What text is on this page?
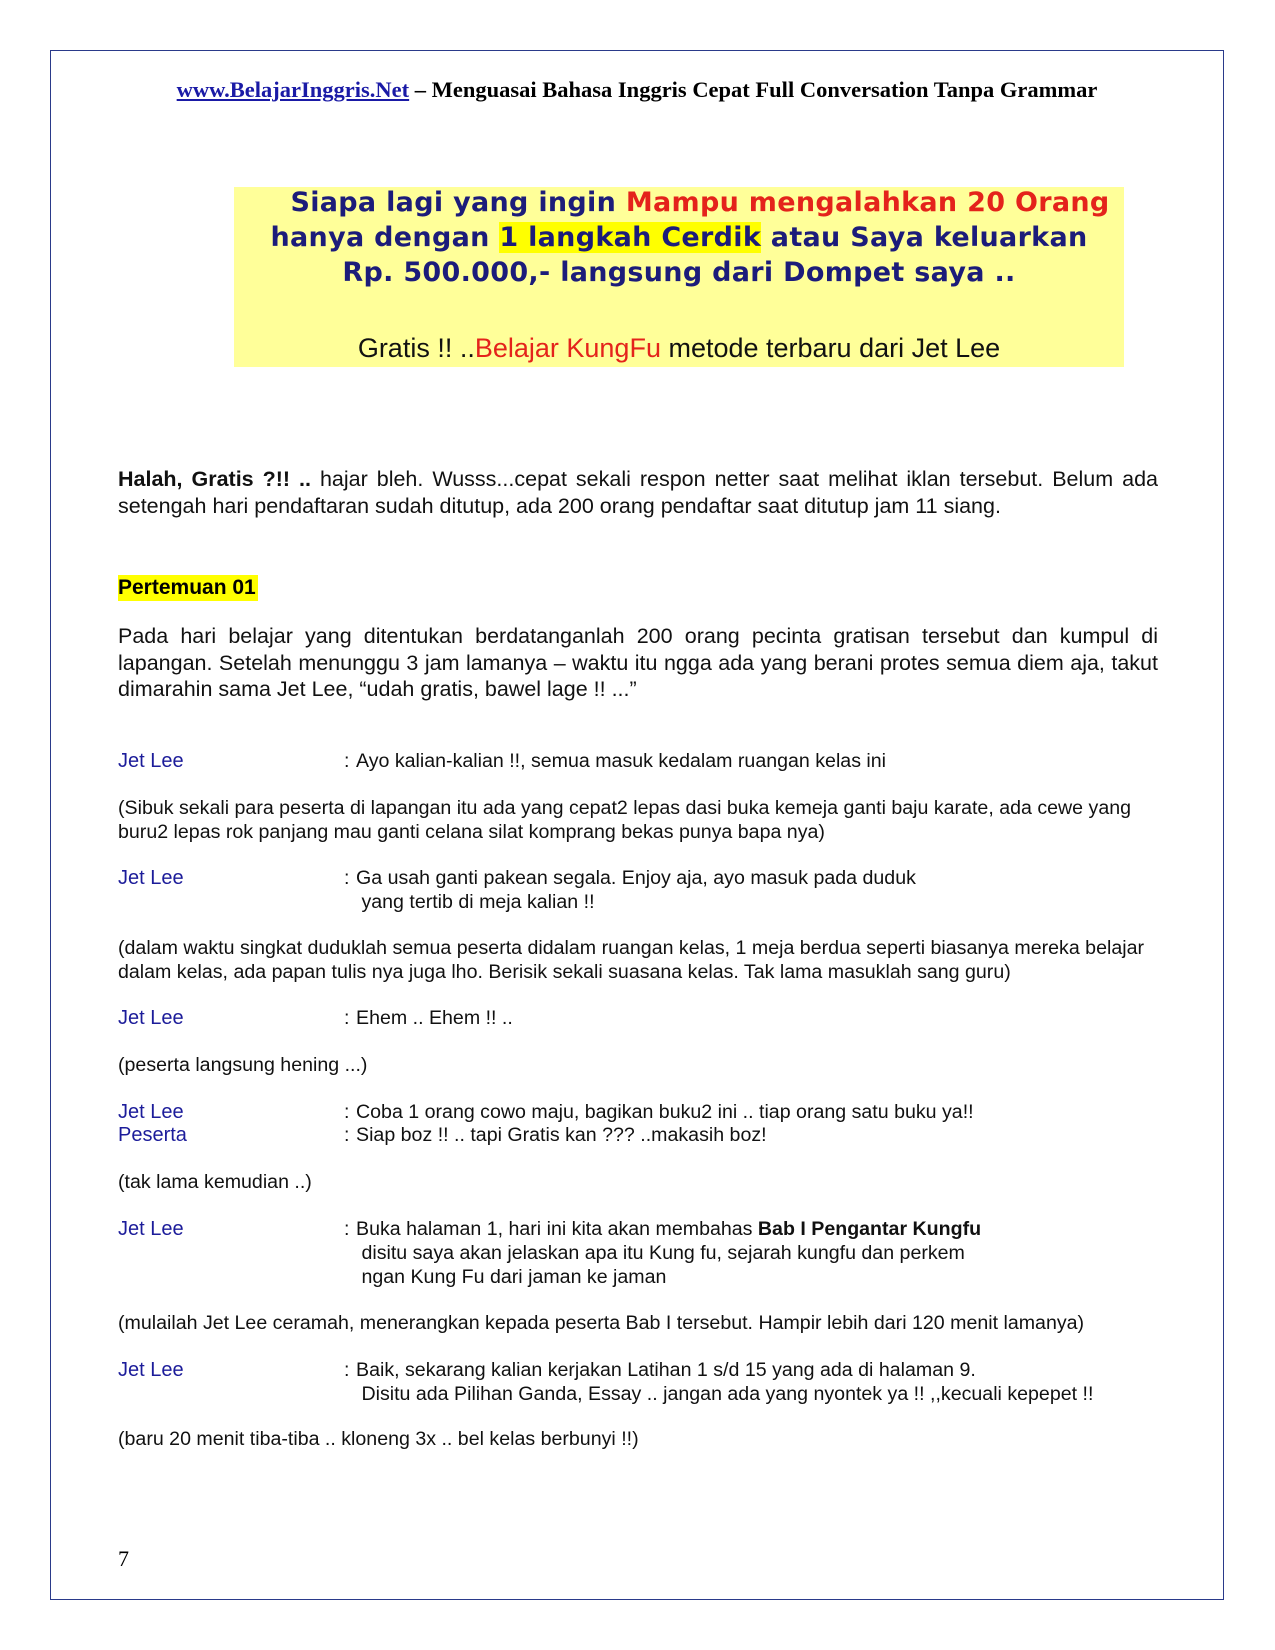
www.BelajarInggris.Net – Menguasai Bahasa Inggris Cepat Full Conversation Tanpa Grammar
Siapa lagi yang ingin Mampu mengalahkan 20 Orang
hanya dengan 1 langkah Cerdik atau Saya keluarkan
Rp. 500.000,- langsung dari Dompet saya ..
Gratis !! ..Belajar KungFu metode terbaru dari Jet Lee
Halah, Gratis ?!! .. hajar bleh. Wusss...cepat sekali respon netter saat melihat iklan tersebut. Belum ada setengah hari pendaftaran sudah ditutup, ada 200 orang pendaftar saat ditutup jam 11 siang.
Pertemuan 01
Pada hari belajar yang ditentukan berdatanganlah 200 orang pecinta gratisan tersebut dan kumpul di lapangan. Setelah menunggu 3 jam lamanya – waktu itu ngga ada yang berani protes semua diem aja, takut dimarahin sama Jet Lee, “udah gratis, bawel lage !! ...”
Jet Lee	: Ayo kalian-kalian !!, semua masuk kedalam ruangan kelas ini
(Sibuk sekali para peserta di lapangan itu ada yang cepat2 lepas dasi buka kemeja ganti baju karate, ada cewe yang buru2 lepas rok panjang mau ganti celana silat komprang bekas punya bapa nya)
Jet Lee	: Ga usah ganti pakean segala. Enjoy aja, ayo masuk pada duduk
yang tertib di meja kalian !!
(dalam waktu singkat duduklah semua peserta didalam ruangan kelas, 1 meja berdua seperti biasanya mereka belajar dalam kelas, ada papan tulis nya juga lho. Berisik sekali suasana kelas. Tak lama masuklah sang guru)
Jet Lee	: Ehem .. Ehem !! ..
(peserta langsung hening ...)
Jet Lee	: Coba 1 orang cowo maju, bagikan buku2 ini .. tiap orang satu buku ya!!
Peserta	: Siap boz !! .. tapi Gratis kan ??? ..makasih boz!
(tak lama kemudian ..)
Jet Lee	: Buka halaman 1, hari ini kita akan membahas Bab I Pengantar Kungfu
disitu saya akan jelaskan apa itu Kung fu, sejarah kungfu dan perkem
ngan Kung Fu dari jaman ke jaman
(mulailah Jet Lee ceramah, menerangkan kepada peserta Bab I tersebut. Hampir lebih dari 120 menit lamanya)
Jet Lee	: Baik, sekarang kalian kerjakan Latihan 1 s/d 15 yang ada di halaman 9.
Disitu ada Pilihan Ganda, Essay .. jangan ada yang nyontek ya !! ,,kecuali kepepet !!
(baru 20 menit tiba-tiba .. kloneng 3x .. bel kelas berbunyi !!)
7
